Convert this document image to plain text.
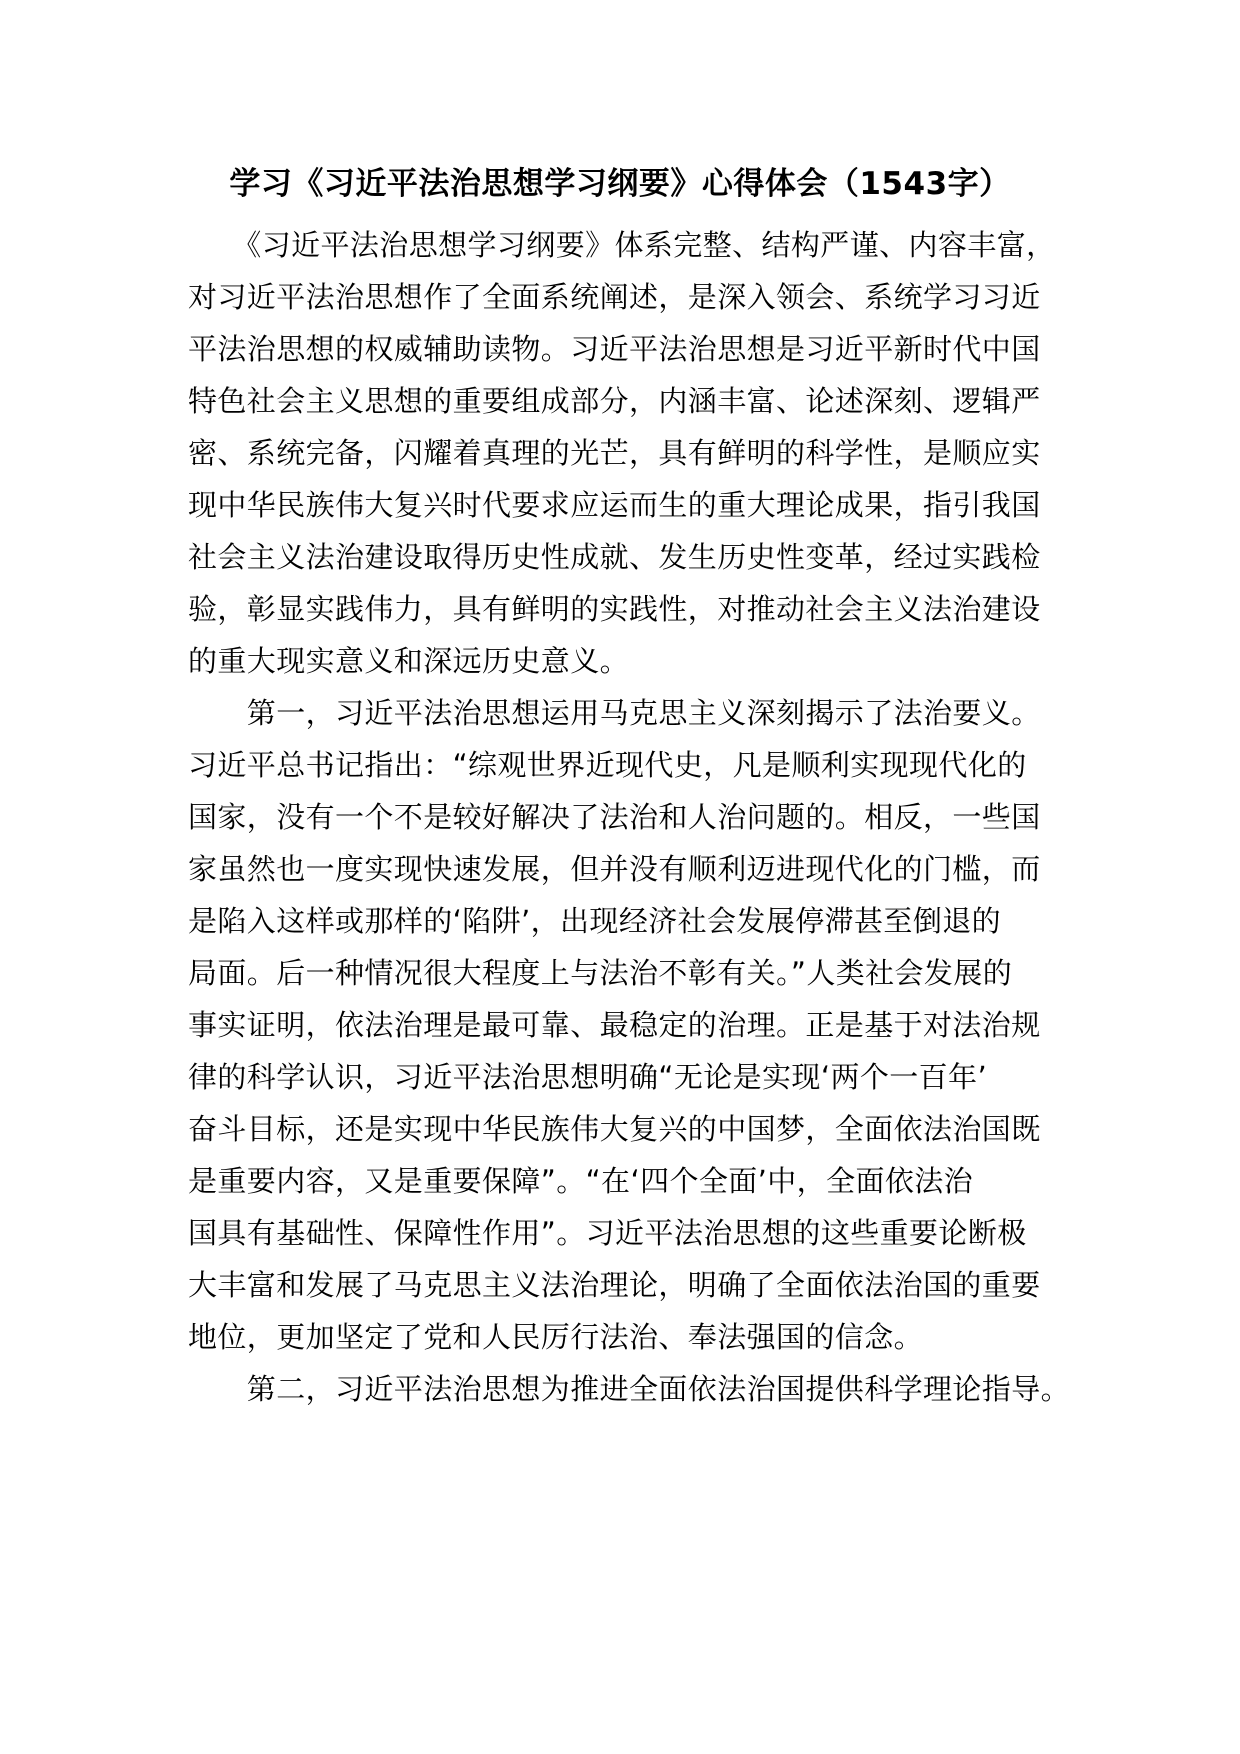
学习《习近平法治思想学习纲要》心得体会（1543字）
　　《习近平法治思想学习纲要》体系完整、结构严谨、内容丰富，
对习近平法治思想作了全面系统阐述，是深入领会、系统学习习近
平法治思想的权威辅助读物。习近平法治思想是习近平新时代中国
特色社会主义思想的重要组成部分，内涵丰富、论述深刻、逻辑严
密、系统完备，闪耀着真理的光芒，具有鲜明的科学性，是顺应实
现中华民族伟大复兴时代要求应运而生的重大理论成果，指引我国
社会主义法治建设取得历史性成就、发生历史性变革，经过实践检
验，彰显实践伟力，具有鲜明的实践性，对推动社会主义法治建设
的重大现实意义和深远历史意义。
　　第一，习近平法治思想运用马克思主义深刻揭示了法治要义。
习近平总书记指出：“综观世界近现代史，凡是顺利实现现代化的
国家，没有一个不是较好解决了法治和人治问题的。相反，一些国
家虽然也一度实现快速发展，但并没有顺利迈进现代化的门槛，而
是陷入这样或那样的‘陷阱’，出现经济社会发展停滞甚至倒退的
局面。后一种情况很大程度上与法治不彰有关。”人类社会发展的
事实证明，依法治理是最可靠、最稳定的治理。正是基于对法治规
律的科学认识，习近平法治思想明确“无论是实现‘两个一百年’
奋斗目标，还是实现中华民族伟大复兴的中国梦，全面依法治国既
是重要内容，又是重要保障”。“在‘四个全面’中，全面依法治
国具有基础性、保障性作用”。习近平法治思想的这些重要论断极
大丰富和发展了马克思主义法治理论，明确了全面依法治国的重要
地位，更加坚定了党和人民厉行法治、奉法强国的信念。
　　第二，习近平法治思想为推进全面依法治国提供科学理论指导。
